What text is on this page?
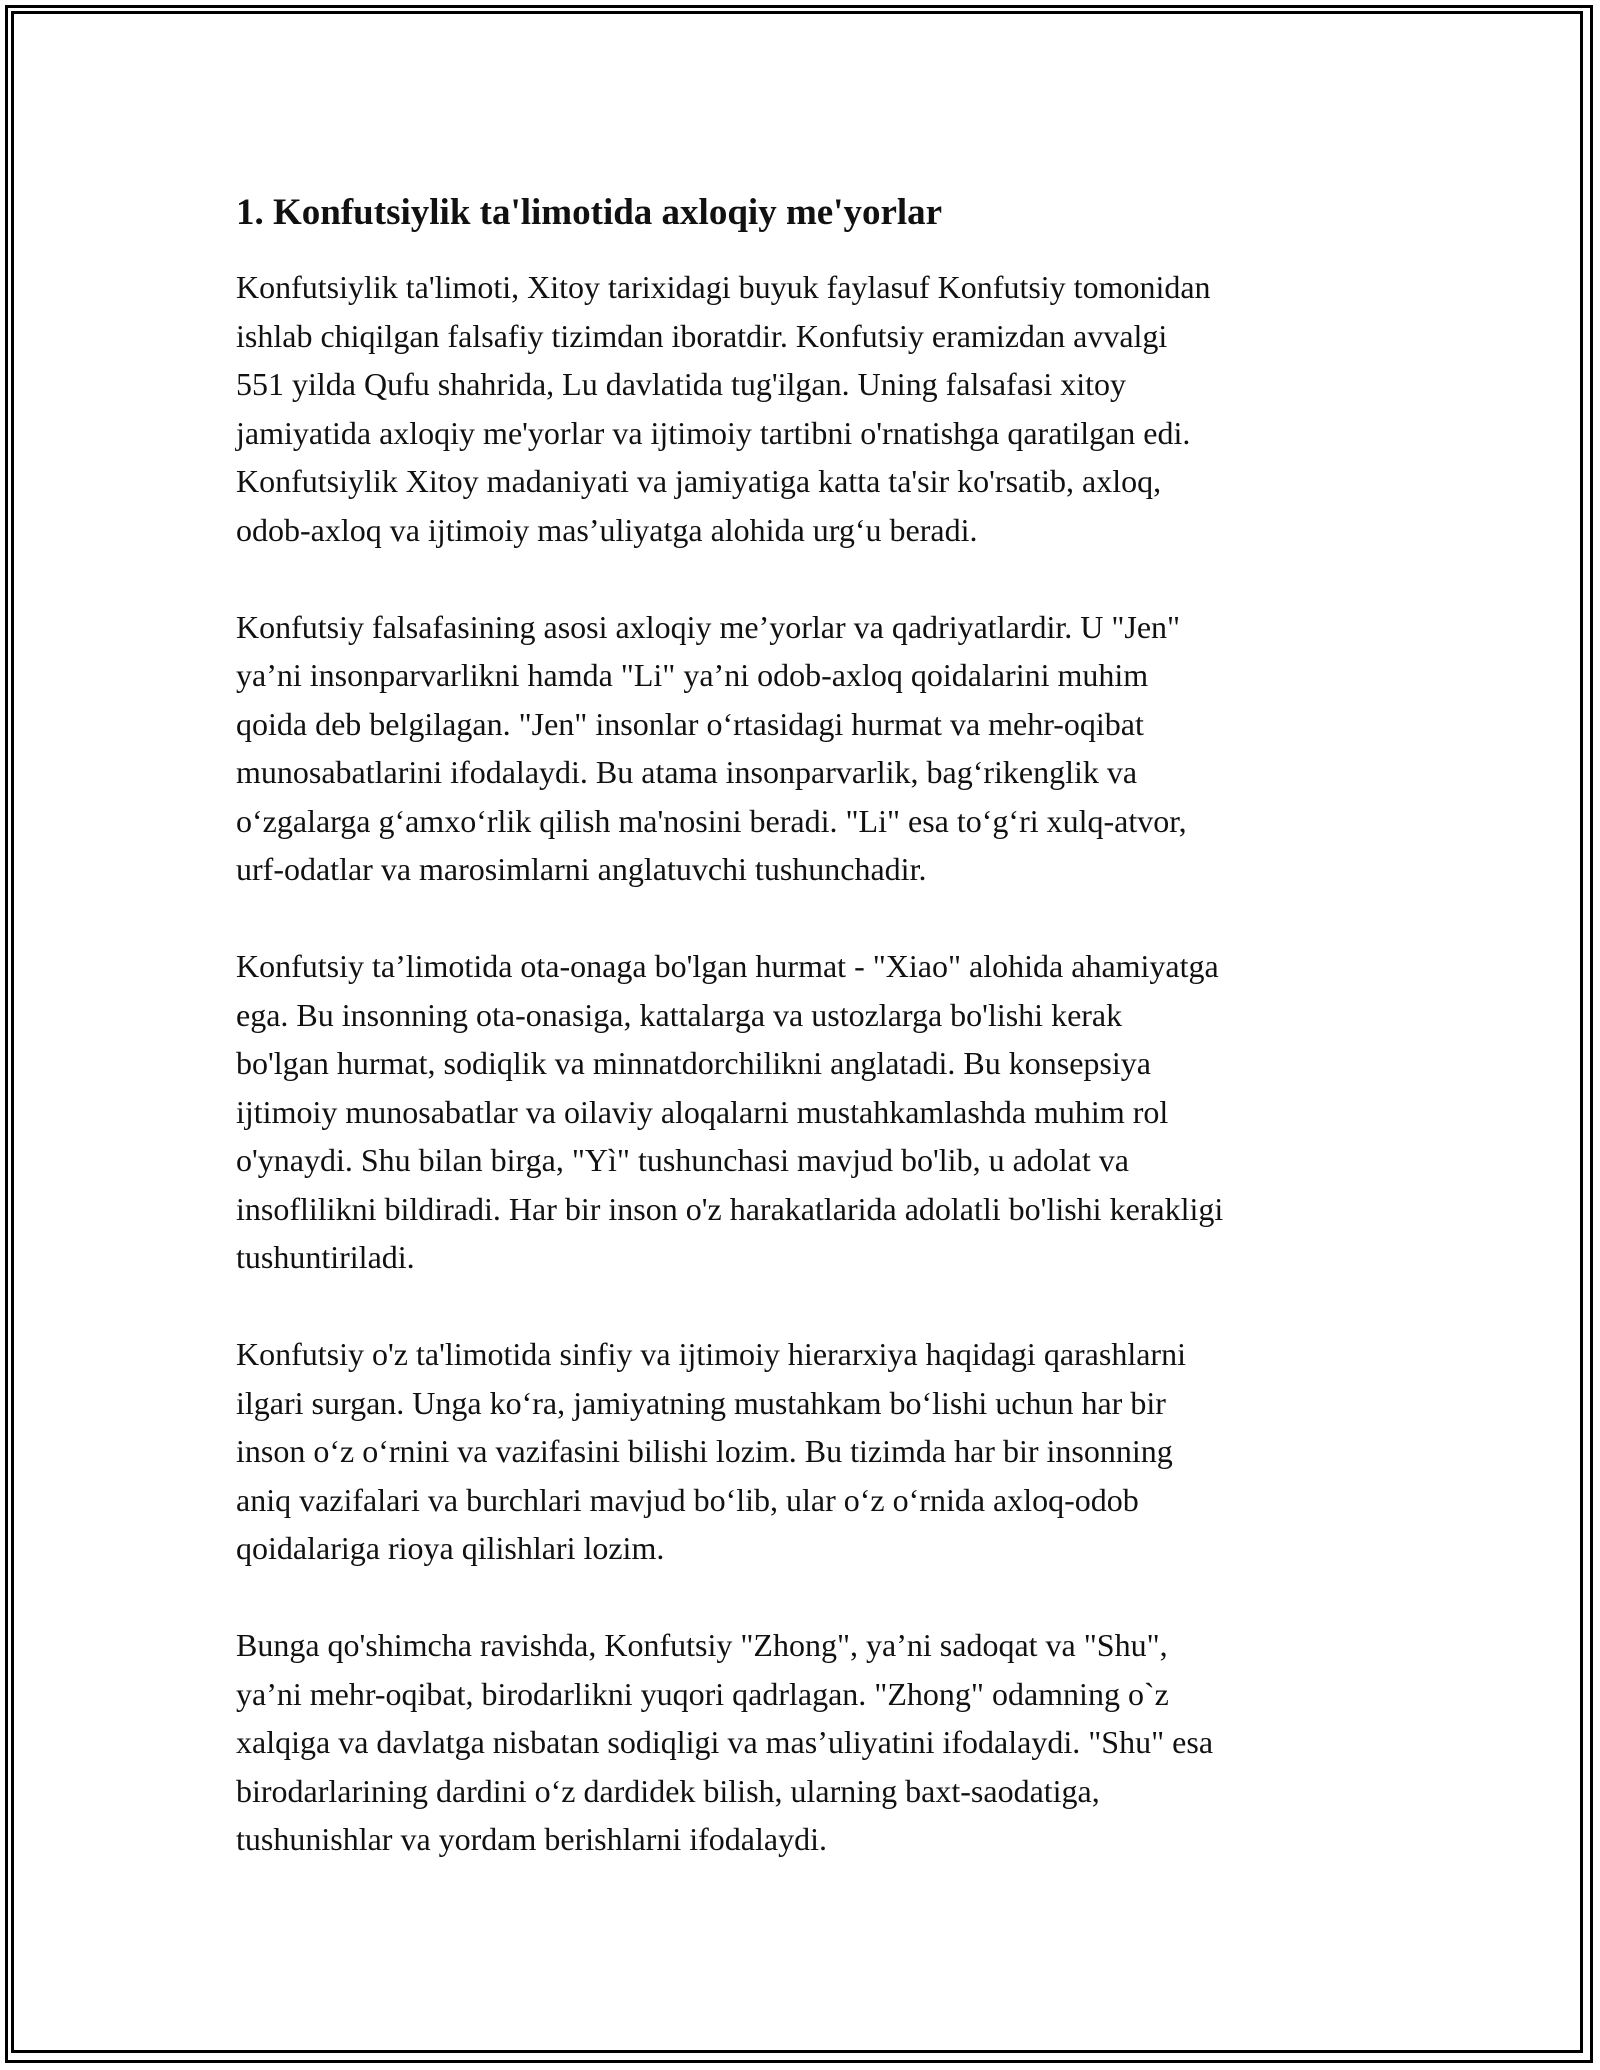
1. Konfutsiylik ta'limotida axloqiy me'yorlar

Konfutsiylik ta'limoti, Xitoy tarixidagi buyuk faylasuf Konfutsiy tomonidan
ishlab chiqilgan falsafiy tizimdan iboratdir. Konfutsiy eramizdan avvalgi
551 yilda Qufu shahrida, Lu davlatida tug'ilgan. Uning falsafasi xitoy
jamiyatida axloqiy me'yorlar va ijtimoiy tartibni o'rnatishga qaratilgan edi.
Konfutsiylik Xitoy madaniyati va jamiyatiga katta ta'sir ko'rsatib, axloq,
odob-axloq va ijtimoiy mas’uliyatga alohida urg‘u beradi.

Konfutsiy falsafasining asosi axloqiy me’yorlar va qadriyatlardir. U "Jen"
ya’ni insonparvarlikni hamda "Li" ya’ni odob-axloq qoidalarini muhim
qoida deb belgilagan. "Jen" insonlar o‘rtasidagi hurmat va mehr-oqibat
munosabatlarini ifodalaydi. Bu atama insonparvarlik, bag‘rikenglik va
o‘zgalarga g‘amxo‘rlik qilish ma'nosini beradi. "Li" esa to‘g‘ri xulq-atvor,
urf-odatlar va marosimlarni anglatuvchi tushunchadir.

Konfutsiy ta’limotida ota-onaga bo'lgan hurmat - "Xiao" alohida ahamiyatga
ega. Bu insonning ota-onasiga, kattalarga va ustozlarga bo'lishi kerak
bo'lgan hurmat, sodiqlik va minnatdorchilikni anglatadi. Bu konsepsiya
ijtimoiy munosabatlar va oilaviy aloqalarni mustahkamlashda muhim rol
o'ynaydi. Shu bilan birga, "Yì" tushunchasi mavjud bo'lib, u adolat va
insoflilikni bildiradi. Har bir inson o'z harakatlarida adolatli bo'lishi kerakligi
tushuntiriladi.

Konfutsiy o'z ta'limotida sinfiy va ijtimoiy hierarxiya haqidagi qarashlarni
ilgari surgan. Unga ko‘ra, jamiyatning mustahkam bo‘lishi uchun har bir
inson o‘z o‘rnini va vazifasini bilishi lozim. Bu tizimda har bir insonning
aniq vazifalari va burchlari mavjud bo‘lib, ular o‘z o‘rnida axloq-odob
qoidalariga rioya qilishlari lozim.

Bunga qo'shimcha ravishda, Konfutsiy "Zhong", ya’ni sadoqat va "Shu",
ya’ni mehr-oqibat, birodarlikni yuqori qadrlagan. "Zhong" odamning o`z
xalqiga va davlatga nisbatan sodiqligi va mas’uliyatini ifodalaydi. "Shu" esa
birodarlarining dardini o‘z dardidek bilish, ularning baxt-saodatiga,
tushunishlar va yordam berishlarni ifodalaydi.
